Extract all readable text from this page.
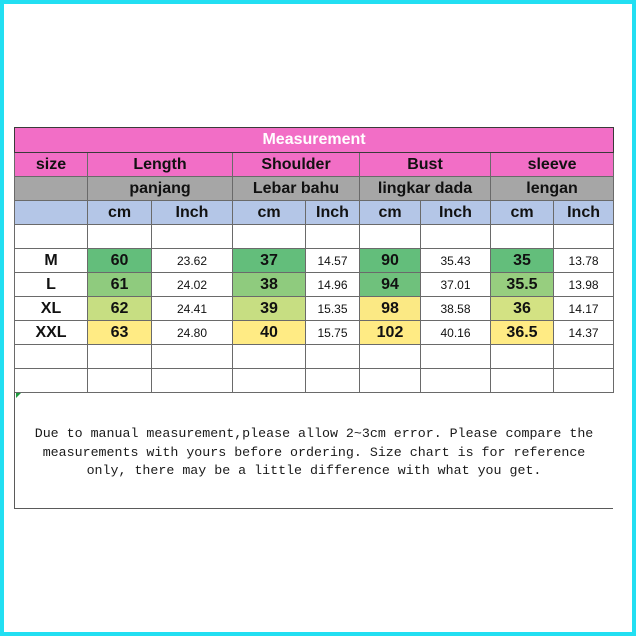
Measurement								
size	Length		Shoulder		Bust		sleeve	
	panjang		Lebar bahu		lingkar dada		lengan	
	cm	Inch	cm	Inch	cm	Inch	cm	Inch

M	60	23.62	37	14.57	90	35.43	35	13.78
L	61	24.02	38	14.96	94	37.01	35.5	13.98
XL	62	24.41	39	15.35	98	38.58	36	14.17
XXL	63	24.80	40	15.75	102	40.16	36.5	14.37

Due to manual measurement,please allow 2~3cm error. Please compare the
measurements with yours before ordering. Size chart is for reference
only, there may be a little difference with what you get.
